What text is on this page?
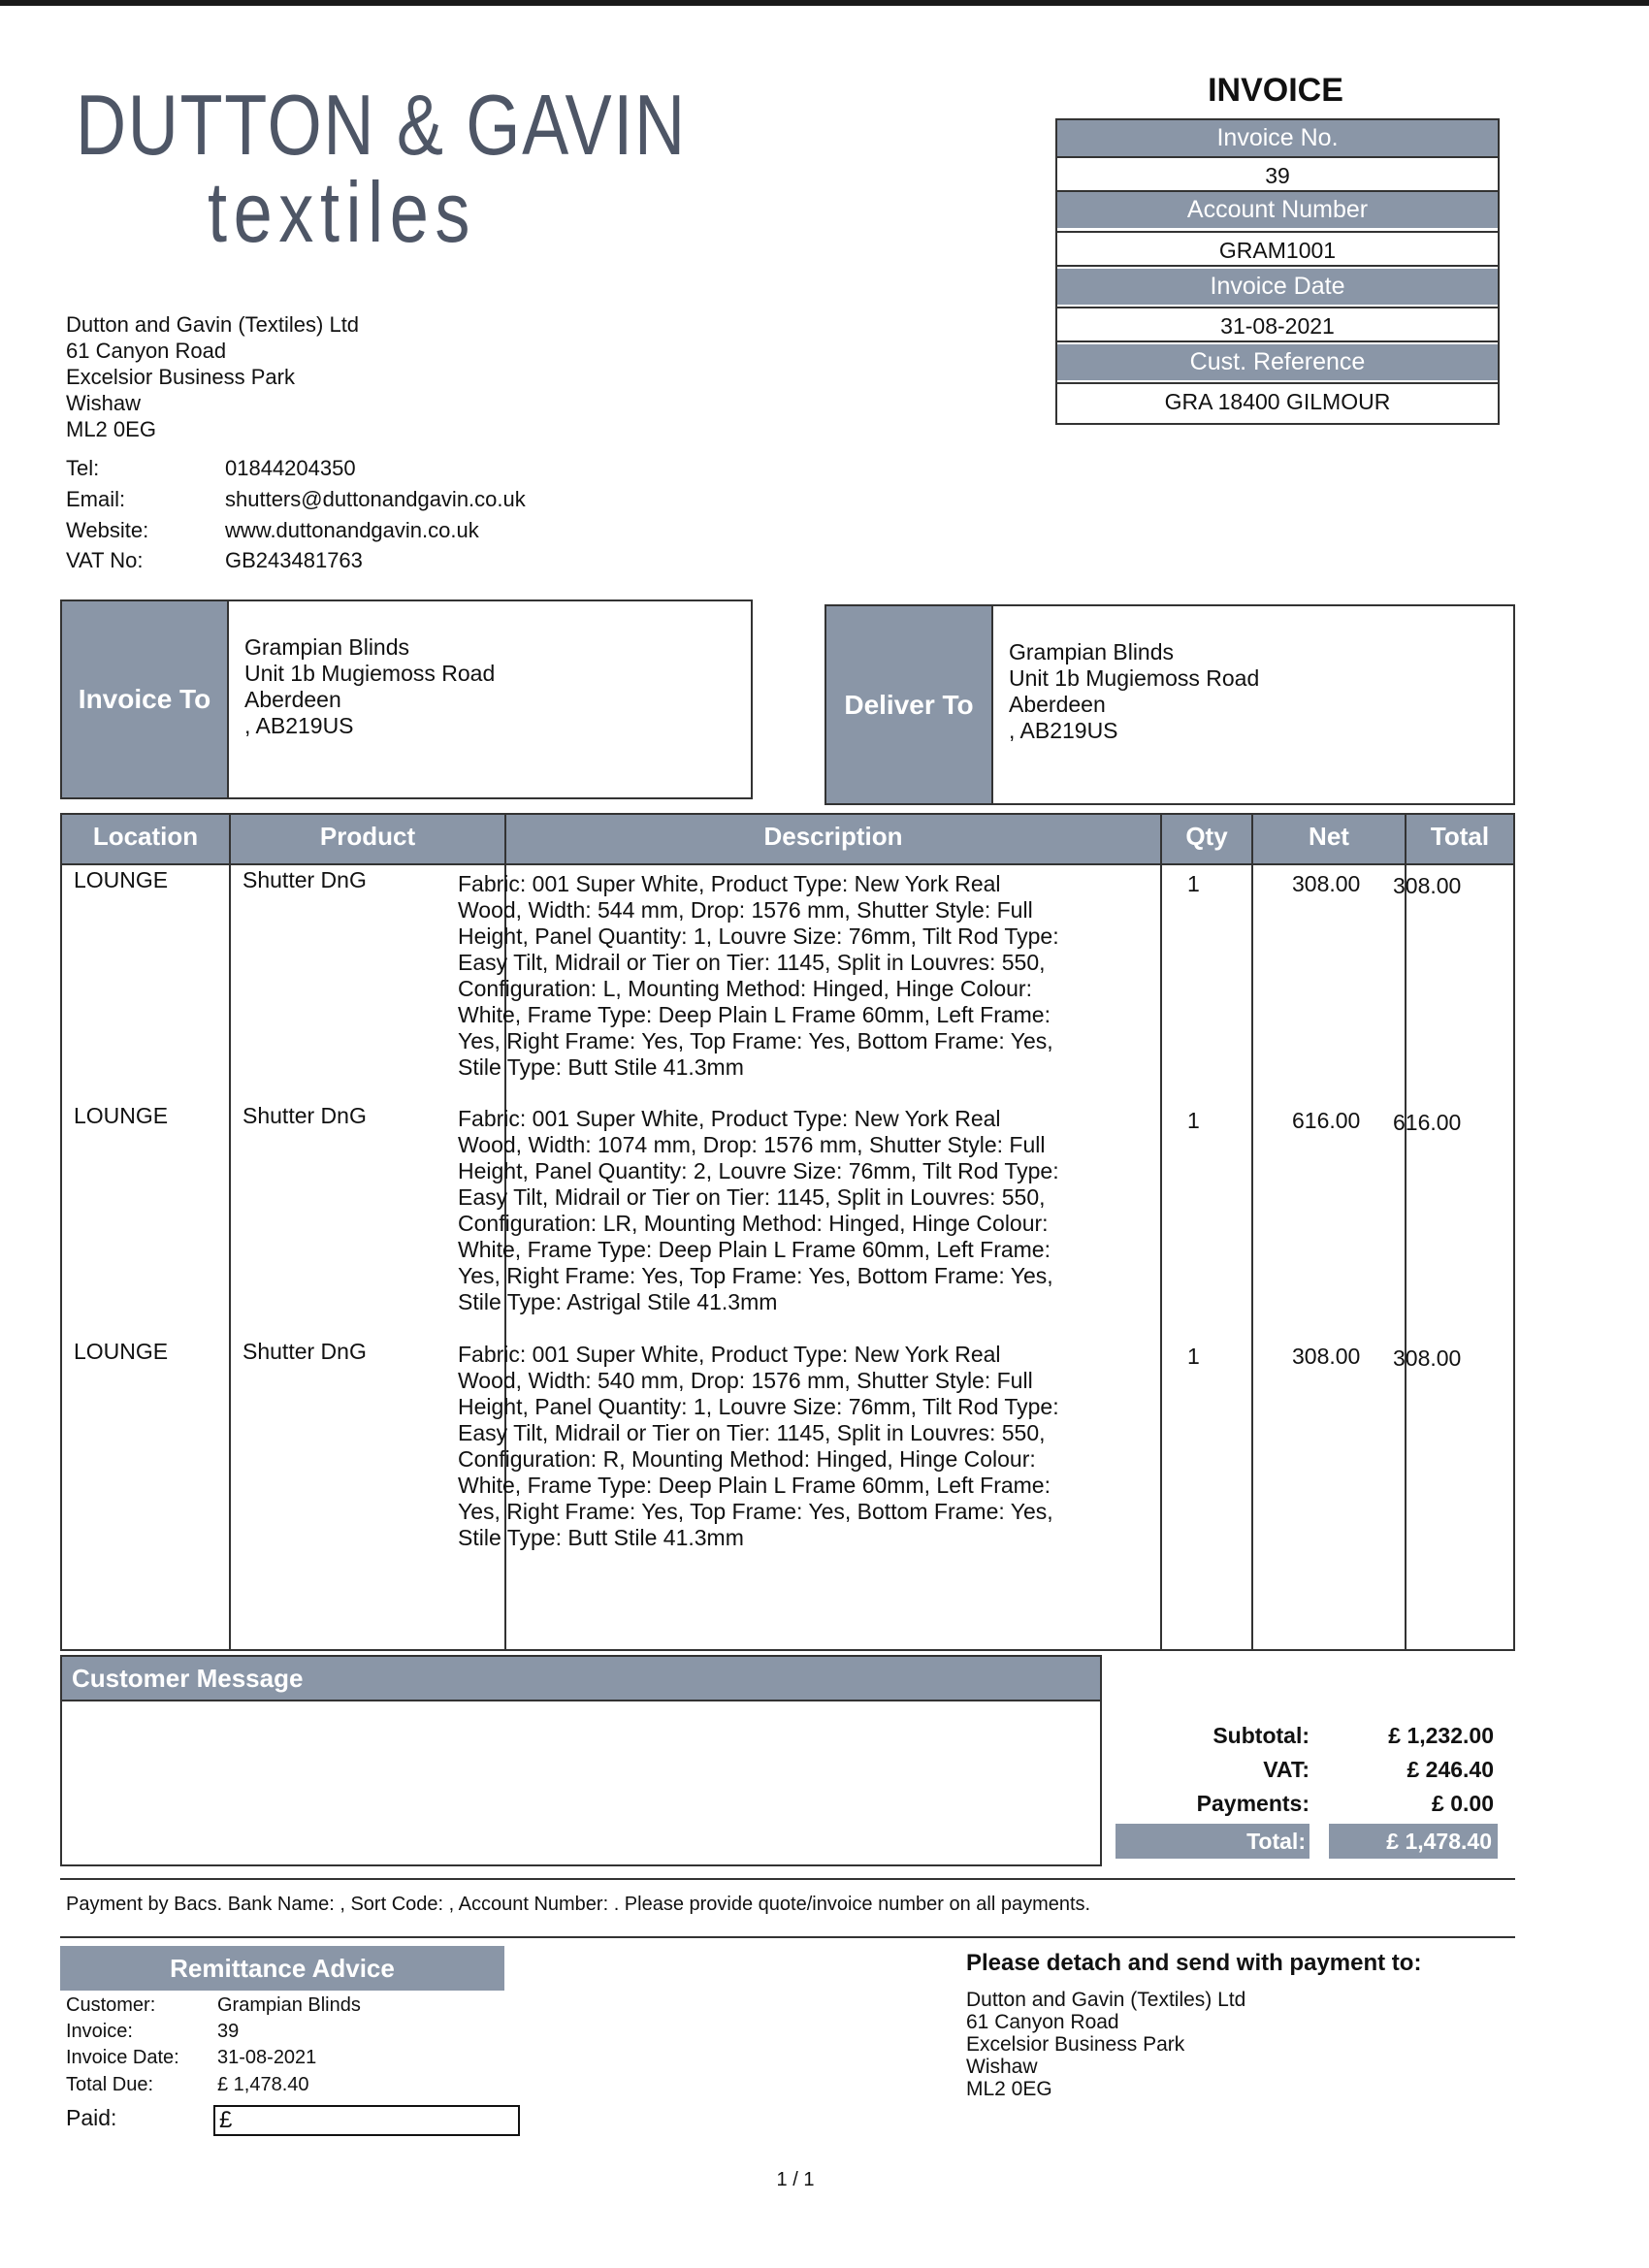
DUTTON & GAVIN
textiles
Dutton and Gavin (Textiles) Ltd
61 Canyon Road
Excelsior Business Park
Wishaw
ML2 0EG
Tel:	01844204350
Email:	shutters@duttonandgavin.co.uk
Website:	www.duttonandgavin.co.uk
VAT No:	GB243481763
INVOICE
Invoice No.
39
Account Number
GRAM1001
Invoice Date
31-08-2021
Cust. Reference
GRA 18400 GILMOUR
Invoice To
Grampian Blinds
Unit 1b Mugiemoss Road
Aberdeen
, AB219US
Deliver To
Grampian Blinds
Unit 1b Mugiemoss Road
Aberdeen
, AB219US
Location	Product	Description	Qty	Net	Total
LOUNGE	Shutter DnG	Fabric: 001 Super White, Product Type: New York Real
Wood, Width: 544 mm, Drop: 1576 mm, Shutter Style: Full
Height, Panel Quantity: 1, Louvre Size: 76mm, Tilt Rod Type:
Easy Tilt, Midrail or Tier on Tier: 1145, Split in Louvres: 550,
Configuration: L, Mounting Method: Hinged, Hinge Colour:
White, Frame Type: Deep Plain L Frame 60mm, Left Frame:
Yes, Right Frame: Yes, Top Frame: Yes, Bottom Frame: Yes,
Stile Type: Butt Stile 41.3mm
1	308.00 308.00
LOUNGE	Shutter DnG	Fabric: 001 Super White, Product Type: New York Real
Wood, Width: 1074 mm, Drop: 1576 mm, Shutter Style: Full
Height, Panel Quantity: 2, Louvre Size: 76mm, Tilt Rod Type:
Easy Tilt, Midrail or Tier on Tier: 1145, Split in Louvres: 550,
Configuration: LR, Mounting Method: Hinged, Hinge Colour:
White, Frame Type: Deep Plain L Frame 60mm, Left Frame:
Yes, Right Frame: Yes, Top Frame: Yes, Bottom Frame: Yes,
Stile Type: Astrigal Stile 41.3mm
1	616.00 616.00
LOUNGE	Shutter DnG	Fabric: 001 Super White, Product Type: New York Real
Wood, Width: 540 mm, Drop: 1576 mm, Shutter Style: Full
Height, Panel Quantity: 1, Louvre Size: 76mm, Tilt Rod Type:
Easy Tilt, Midrail or Tier on Tier: 1145, Split in Louvres: 550,
Configuration: R, Mounting Method: Hinged, Hinge Colour:
White, Frame Type: Deep Plain L Frame 60mm, Left Frame:
Yes, Right Frame: Yes, Top Frame: Yes, Bottom Frame: Yes,
Stile Type: Butt Stile 41.3mm
1	308.00 308.00
Customer Message
Subtotal:	£ 1,232.00
VAT:	£ 246.40
Payments:	£ 0.00
Total:	£ 1,478.40
Payment by Bacs. Bank Name: , Sort Code: , Account Number: . Please provide quote/invoice number on all payments.
Remittance Advice
Customer:	Grampian Blinds
Invoice:	39
Invoice Date: 31-08-2021
Total Due:	£ 1,478.40
Paid:	£
Please detach and send with payment to:
Dutton and Gavin (Textiles) Ltd
61 Canyon Road
Excelsior Business Park
Wishaw
ML2 0EG
1 / 1
